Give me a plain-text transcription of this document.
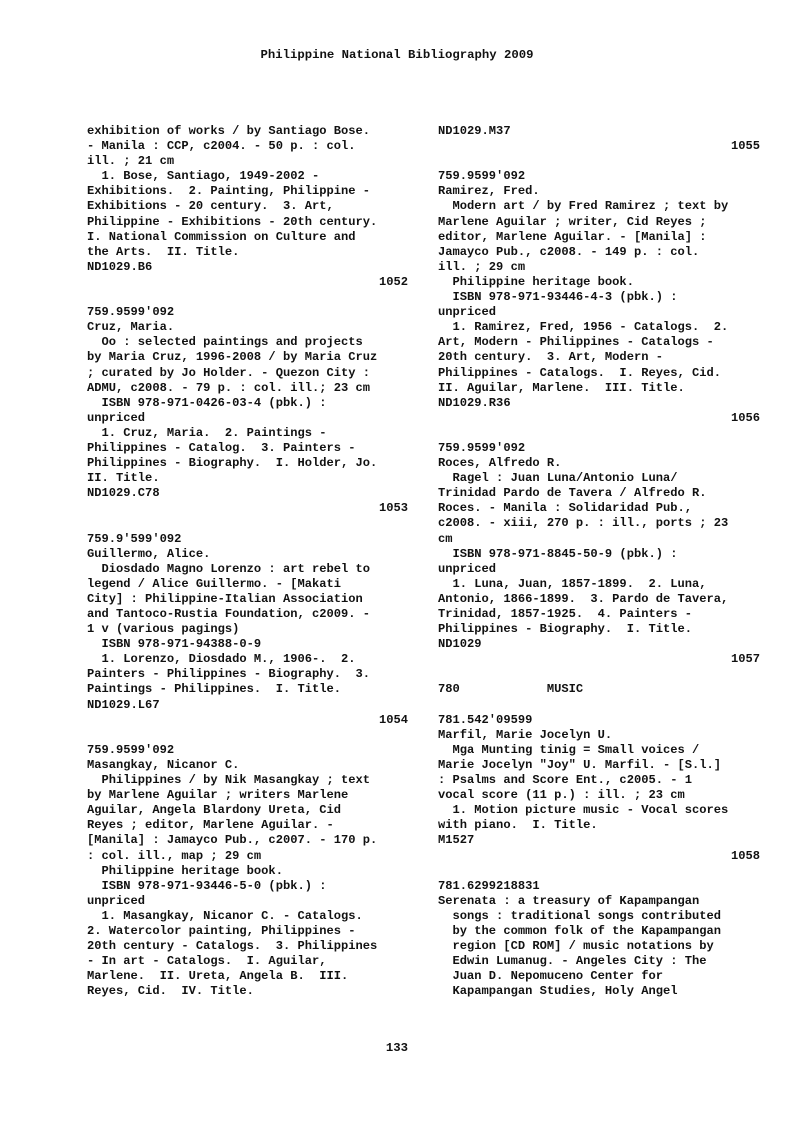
Philippine National Bibliography 2009
exhibition of works / by Santiago Bose.
- Manila : CCP, c2004. - 50 p. : col.
ill. ; 21 cm
1. Bose, Santiago, 1949-2002 -
Exhibitions.  2. Painting, Philippine -
Exhibitions - 20 century.  3. Art,
Philippine - Exhibitions - 20th century.
I. National Commission on Culture and
the Arts.  II. Title.
ND1029.B6
1052
759.9599'092
Cruz, Maria.
Oo : selected paintings and projects
by Maria Cruz, 1996-2008 / by Maria Cruz
; curated by Jo Holder. - Quezon City :
ADMU, c2008. - 79 p. : col. ill.; 23 cm
ISBN 978-971-0426-03-4 (pbk.) :
unpriced
1. Cruz, Maria.  2. Paintings -
Philippines - Catalog.  3. Painters -
Philippines - Biography.  I. Holder, Jo.
II. Title.
ND1029.C78
1053
759.9'599'092
Guillermo, Alice.
Diosdado Magno Lorenzo : art rebel to
legend / Alice Guillermo. - [Makati
City] : Philippine-Italian Association
and Tantoco-Rustia Foundation, c2009. -
1 v (various pagings)
ISBN 978-971-94388-0-9
1. Lorenzo, Diosdado M., 1906-.  2.
Painters - Philippines - Biography.  3.
Paintings - Philippines.  I. Title.
ND1029.L67
1054
759.9599'092
Masangkay, Nicanor C.
Philippines / by Nik Masangkay ; text
by Marlene Aguilar ; writers Marlene
Aguilar, Angela Blardony Ureta, Cid
Reyes ; editor, Marlene Aguilar. -
[Manila] : Jamayco Pub., c2007. - 170 p.
: col. ill., map ; 29 cm
Philippine heritage book.
ISBN 978-971-93446-5-0 (pbk.) :
unpriced
1. Masangkay, Nicanor C. - Catalogs.
2. Watercolor painting, Philippines -
20th century - Catalogs.  3. Philippines
- In art - Catalogs.  I. Aguilar,
Marlene.  II. Ureta, Angela B.  III.
Reyes, Cid.  IV. Title.
ND1029.M37
1055
759.9599'092
Ramirez, Fred.
Modern art / by Fred Ramirez ; text by
Marlene Aguilar ; writer, Cid Reyes ;
editor, Marlene Aguilar. - [Manila] :
Jamayco Pub., c2008. - 149 p. : col.
ill. ; 29 cm
Philippine heritage book.
ISBN 978-971-93446-4-3 (pbk.) :
unpriced
1. Ramirez, Fred, 1956 - Catalogs.  2.
Art, Modern - Philippines - Catalogs -
20th century.  3. Art, Modern -
Philippines - Catalogs.  I. Reyes, Cid.
II. Aguilar, Marlene.  III. Title.
ND1029.R36
1056
759.9599'092
Roces, Alfredo R.
Ragel : Juan Luna/Antonio Luna/
Trinidad Pardo de Tavera / Alfredo R.
Roces. - Manila : Solidaridad Pub.,
c2008. - xiii, 270 p. : ill., ports ; 23
cm
ISBN 978-971-8845-50-9 (pbk.) :
unpriced
1. Luna, Juan, 1857-1899.  2. Luna,
Antonio, 1866-1899.  3. Pardo de Tavera,
Trinidad, 1857-1925.  4. Painters -
Philippines - Biography.  I. Title.
ND1029
1057
780            MUSIC
781.542'09599
Marfil, Marie Jocelyn U.
Mga Munting tinig = Small voices /
Marie Jocelyn "Joy" U. Marfil. - [S.l.]
: Psalms and Score Ent., c2005. - 1
vocal score (11 p.) : ill. ; 23 cm
1. Motion picture music - Vocal scores
with piano.  I. Title.
M1527
1058
781.6299218831
Serenata : a treasury of Kapampangan
songs : traditional songs contributed
by the common folk of the Kapampangan
region [CD ROM] / music notations by
Edwin Lumanug. - Angeles City : The
Juan D. Nepomuceno Center for
Kapampangan Studies, Holy Angel
133
